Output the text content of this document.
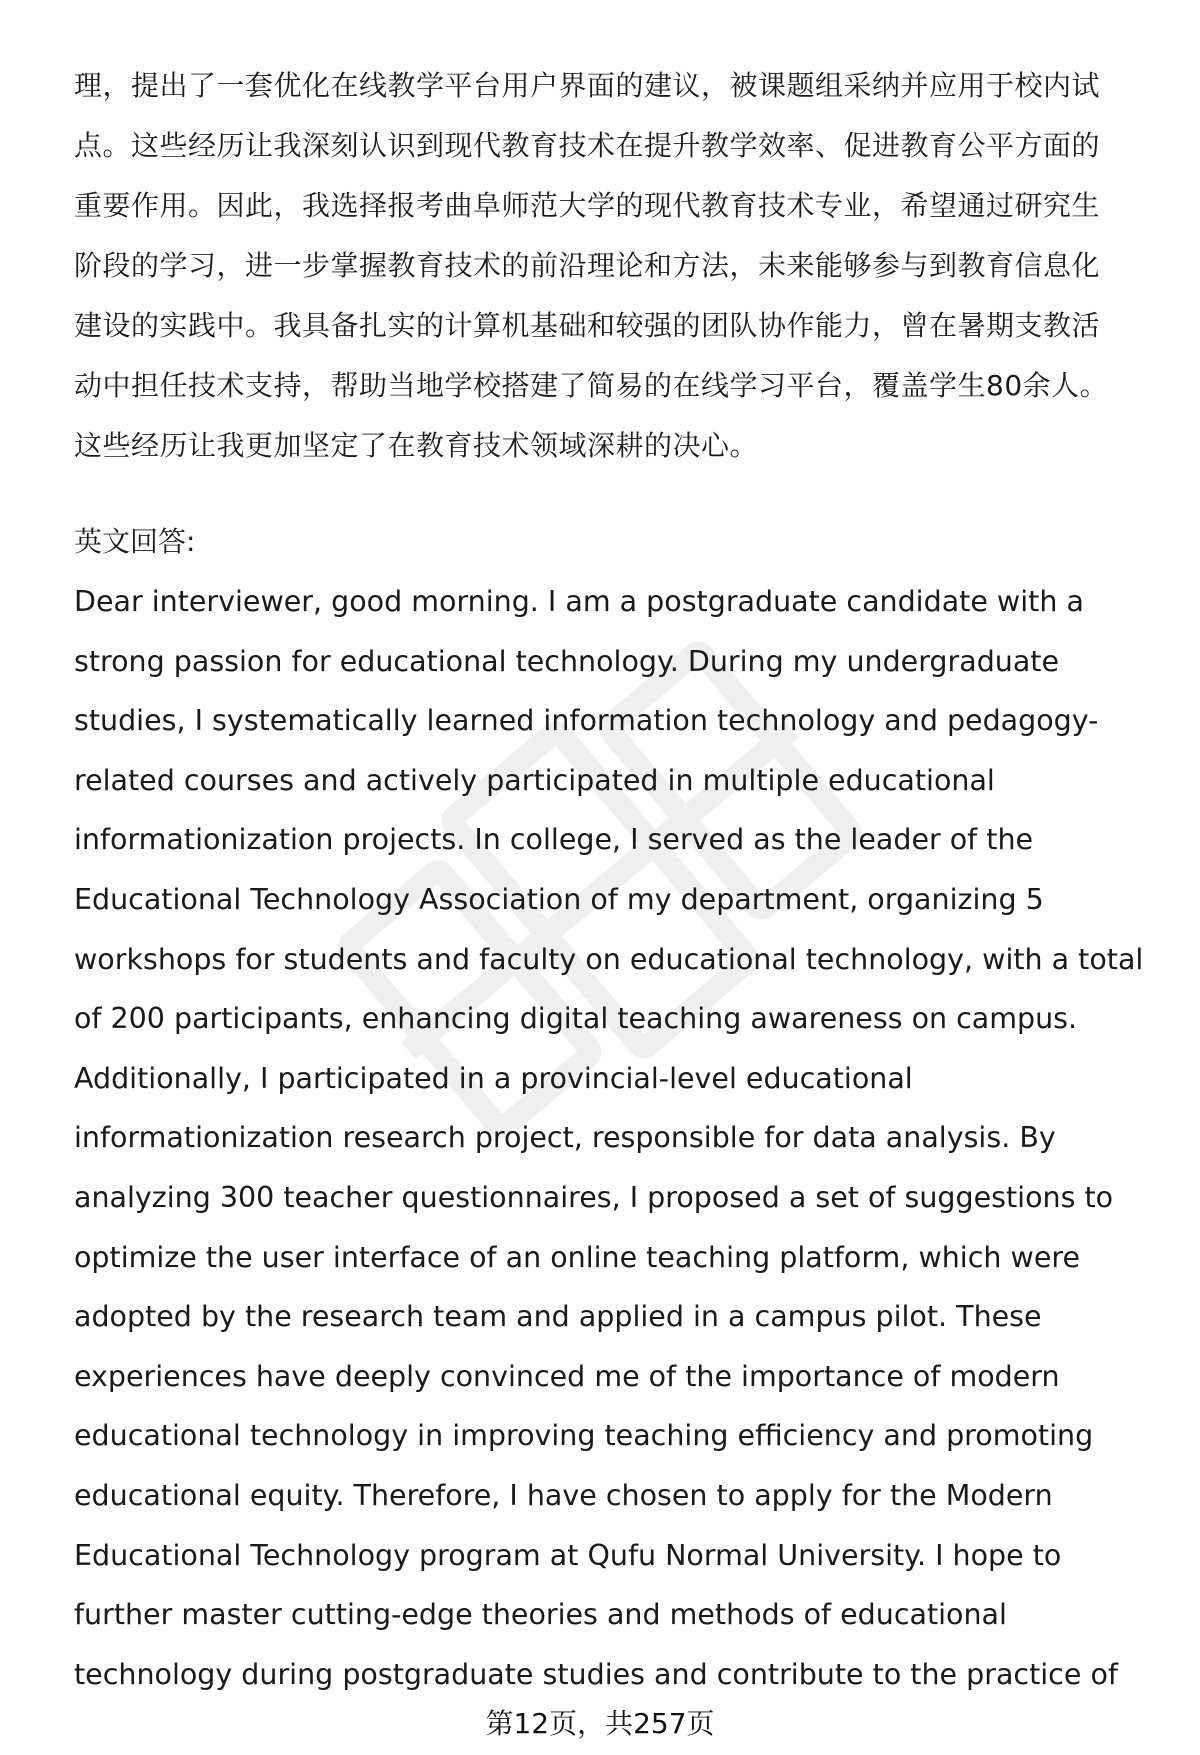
理，提出了一套优化在线教学平台用户界面的建议，被课题组采纳并应用于校内试
点。这些经历让我深刻认识到现代教育技术在提升教学效率、促进教育公平方面的
重要作用。因此，我选择报考曲阜师范大学的现代教育技术专业，希望通过研究生
阶段的学习，进一步掌握教育技术的前沿理论和方法，未来能够参与到教育信息化
建设的实践中。我具备扎实的计算机基础和较强的团队协作能力，曾在暑期支教活
动中担任技术支持，帮助当地学校搭建了简易的在线学习平台，覆盖学生80余人。
这些经历让我更加坚定了在教育技术领域深耕的决心。
英文回答:
Dear interviewer, good morning. I am a postgraduate candidate with a
strong passion for educational technology. During my undergraduate
studies, I systematically learned information technology and pedagogy-
related courses and actively participated in multiple educational
informationization projects. In college, I served as the leader of the
Educational Technology Association of my department, organizing 5
workshops for students and faculty on educational technology, with a total
of 200 participants, enhancing digital teaching awareness on campus.
Additionally, I participated in a provincial-level educational
informationization research project, responsible for data analysis. By
analyzing 300 teacher questionnaires, I proposed a set of suggestions to
optimize the user interface of an online teaching platform, which were
adopted by the research team and applied in a campus pilot. These
experiences have deeply convinced me of the importance of modern
educational technology in improving teaching efficiency and promoting
educational equity. Therefore, I have chosen to apply for the Modern
Educational Technology program at Qufu Normal University. I hope to
further master cutting-edge theories and methods of educational
technology during postgraduate studies and contribute to the practice of
第12页，共257页
